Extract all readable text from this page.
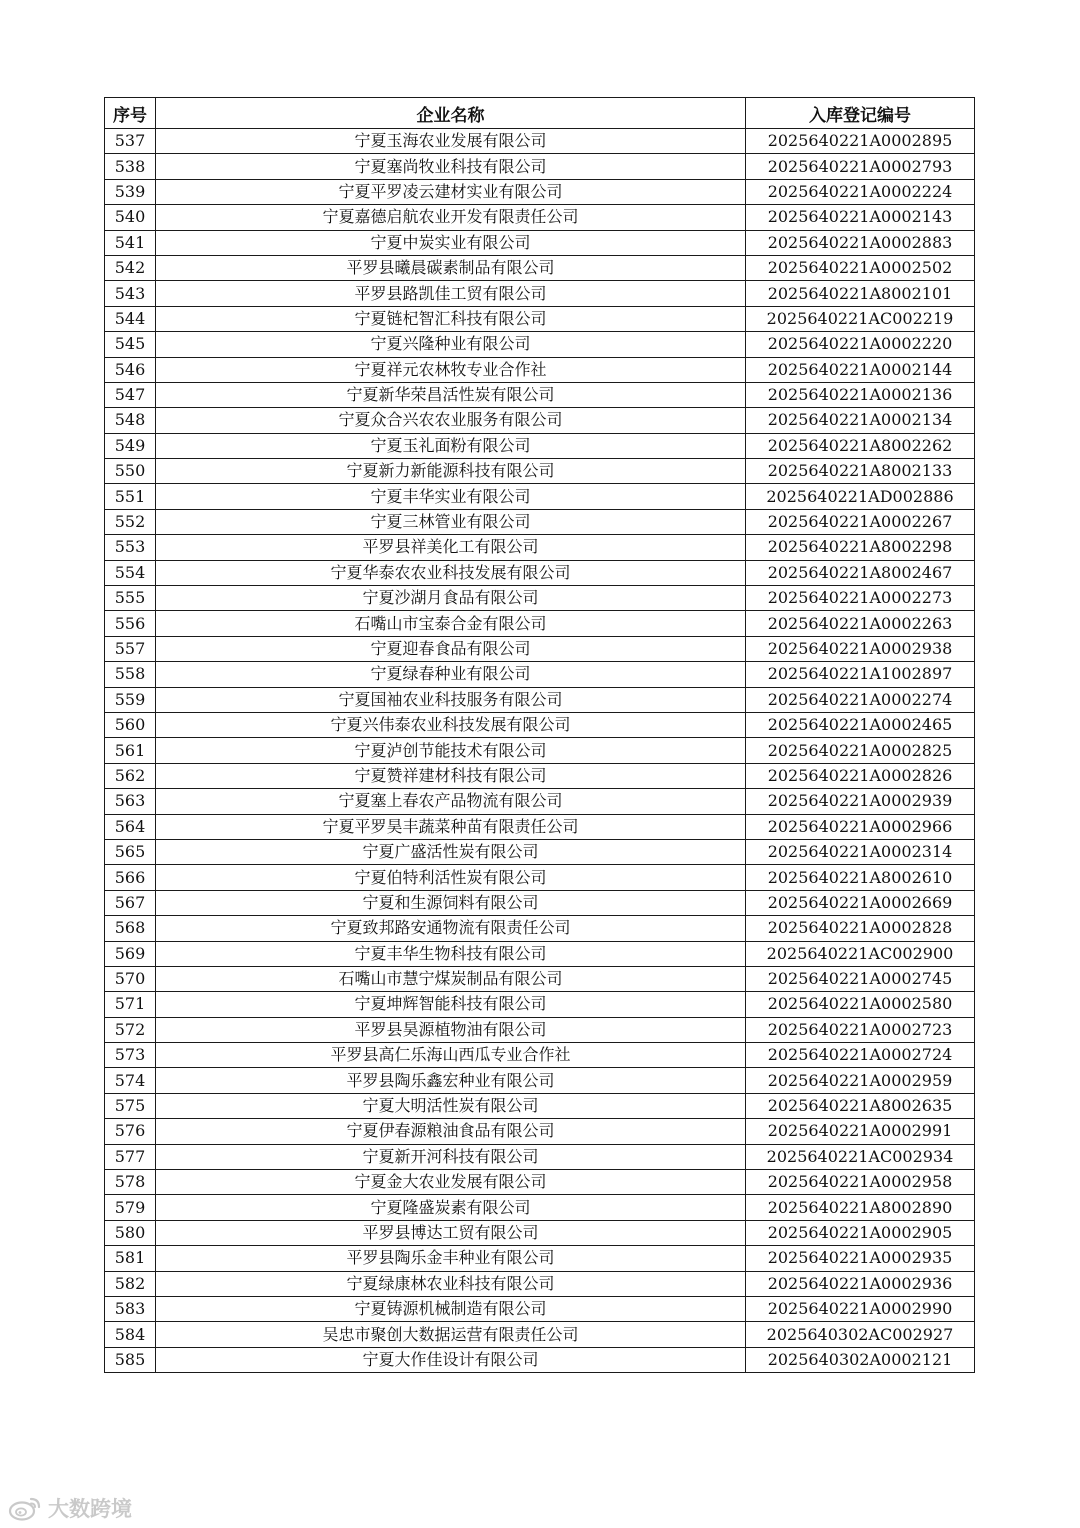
序号	企业名称	入库登记编号
537	宁夏玉海农业发展有限公司	2025640221A0002895
538	宁夏塞尚牧业科技有限公司	2025640221A0002793
539	宁夏平罗凌云建材实业有限公司	2025640221A0002224
540	宁夏嘉德启航农业开发有限责任公司	2025640221A0002143
541	宁夏中炭实业有限公司	2025640221A0002883
542	平罗县曦晨碳素制品有限公司	2025640221A0002502
543	平罗县路凯佳工贸有限公司	2025640221A8002101
544	宁夏链杞智汇科技有限公司	2025640221AC002219
545	宁夏兴隆种业有限公司	2025640221A0002220
546	宁夏祥元农林牧专业合作社	2025640221A0002144
547	宁夏新华荣昌活性炭有限公司	2025640221A0002136
548	宁夏众合兴农农业服务有限公司	2025640221A0002134
549	宁夏玉礼面粉有限公司	2025640221A8002262
550	宁夏新力新能源科技有限公司	2025640221A8002133
551	宁夏丰华实业有限公司	2025640221AD002886
552	宁夏三林管业有限公司	2025640221A0002267
553	平罗县祥美化工有限公司	2025640221A8002298
554	宁夏华泰农农业科技发展有限公司	2025640221A8002467
555	宁夏沙湖月食品有限公司	2025640221A0002273
556	石嘴山市宝泰合金有限公司	2025640221A0002263
557	宁夏迎春食品有限公司	2025640221A0002938
558	宁夏绿春种业有限公司	2025640221A1002897
559	宁夏国袖农业科技服务有限公司	2025640221A0002274
560	宁夏兴伟泰农业科技发展有限公司	2025640221A0002465
561	宁夏泸创节能技术有限公司	2025640221A0002825
562	宁夏赞祥建材科技有限公司	2025640221A0002826
563	宁夏塞上春农产品物流有限公司	2025640221A0002939
564	宁夏平罗昊丰蔬菜种苗有限责任公司	2025640221A0002966
565	宁夏广盛活性炭有限公司	2025640221A0002314
566	宁夏伯特利活性炭有限公司	2025640221A8002610
567	宁夏和生源饲料有限公司	2025640221A0002669
568	宁夏致邦路安通物流有限责任公司	2025640221A0002828
569	宁夏丰华生物科技有限公司	2025640221AC002900
570	石嘴山市慧宁煤炭制品有限公司	2025640221A0002745
571	宁夏坤辉智能科技有限公司	2025640221A0002580
572	平罗县昊源植物油有限公司	2025640221A0002723
573	平罗县高仁乐海山西瓜专业合作社	2025640221A0002724
574	平罗县陶乐鑫宏种业有限公司	2025640221A0002959
575	宁夏大明活性炭有限公司	2025640221A8002635
576	宁夏伊春源粮油食品有限公司	2025640221A0002991
577	宁夏新开河科技有限公司	2025640221AC002934
578	宁夏金大农业发展有限公司	2025640221A0002958
579	宁夏隆盛炭素有限公司	2025640221A8002890
580	平罗县博达工贸有限公司	2025640221A0002905
581	平罗县陶乐金丰种业有限公司	2025640221A0002935
582	宁夏绿康林农业科技有限公司	2025640221A0002936
583	宁夏铸源机械制造有限公司	2025640221A0002990
584	吴忠市聚创大数据运营有限责任公司	2025640302AC002927
585	宁夏大作佳设计有限公司	2025640302A0002121
大数跨境
